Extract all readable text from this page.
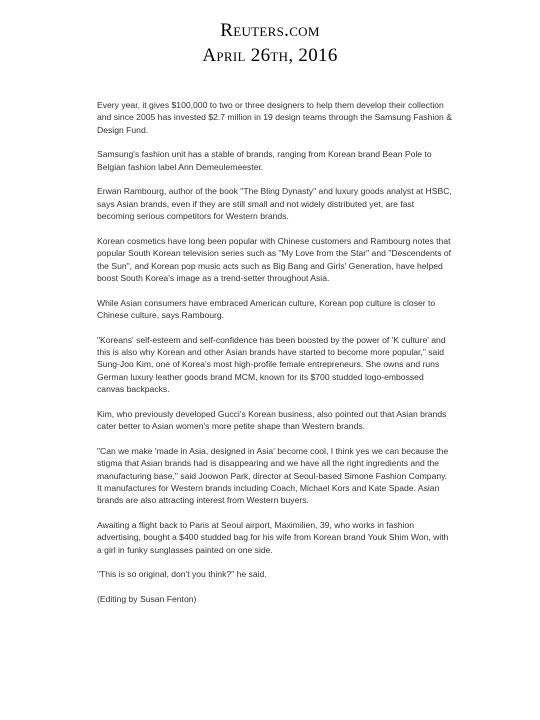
Reuters.com
April 26th, 2016

Every year, it gives $100,000 to two or three designers to help them develop their collection and since 2005 has invested $2.7 million in 19 design teams through the Samsung Fashion & Design Fund.

Samsung's fashion unit has a stable of brands, ranging from Korean brand Bean Pole to Belgian fashion label Ann Demeulemeester.

Erwan Rambourg, author of the book "The Bling Dynasty" and luxury goods analyst at HSBC, says Asian brands, even if they are still small and not widely distributed yet, are fast becoming serious competitors for Western brands.

Korean cosmetics have long been popular with Chinese customers and Rambourg notes that popular South Korean television series such as "My Love from the Star" and "Descendents of the Sun", and Korean pop music acts such as Big Bang and Girls' Generation, have helped boost South Korea's image as a trend-setter throughout Asia.

While Asian consumers have embraced American culture, Korean pop culture is closer to Chinese culture, says Rambourg.

"Koreans' self-esteem and self-confidence has been boosted by the power of 'K culture' and this is also why Korean and other Asian brands have started to become more popular," said Sung-Joo Kim, one of Korea's most high-profile female entrepreneurs. She owns and runs German luxury leather goods brand MCM, known for its $700 studded logo-embossed canvas backpacks.

Kim, who previously developed Gucci's Korean business, also pointed out that Asian brands cater better to Asian women's more petite shape than Western brands.

"Can we make 'made in Asia, designed in Asia' become cool, I think yes we can because the stigma that Asian brands had is disappearing and we have all the right ingredients and the manufacturing base," said Joowon Park, director at Seoul-based Simone Fashion Company. It manufactures for Western brands including Coach, Michael Kors and Kate Spade. Asian brands are also attracting interest from Western buyers.

Awaiting a flight back to Paris at Seoul airport, Maximilien, 39, who works in fashion advertising, bought a $400 studded bag for his wife from Korean brand Youk Shim Won, with a girl in funky sunglasses painted on one side.

"This is so original, don't you think?" he said.

(Editing by Susan Fenton)
